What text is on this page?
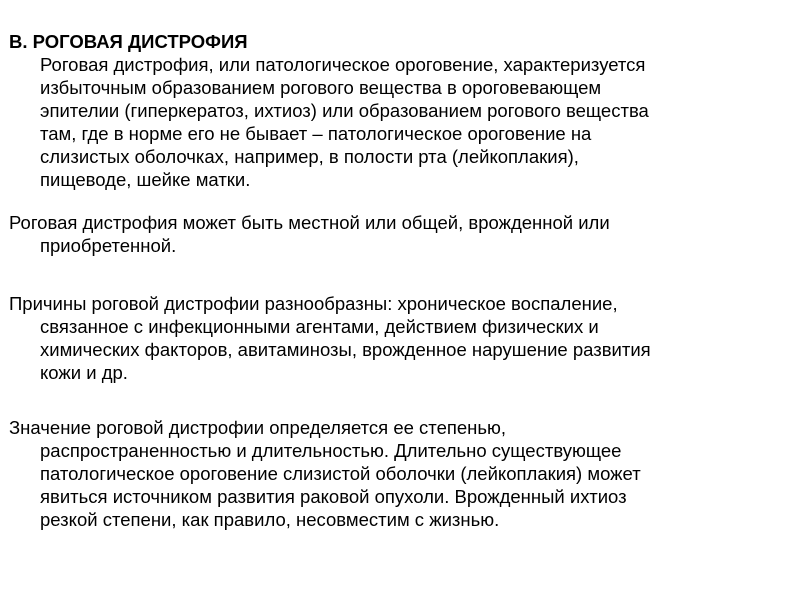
В. РОГОВАЯ ДИСТРОФИЯ
Роговая дистрофия, или патологическое ороговение, характеризуется
избыточным образованием рогового вещества в ороговевающем
эпителии (гиперкератоз, ихтиоз) или образованием рогового вещества
там, где в норме его не бывает – патологическое ороговение на
слизистых оболочках, например, в полости рта (лейкоплакия),
пищеводе, шейке матки.
Роговая дистрофия может быть местной или общей, врожденной или
приобретенной.
Причины роговой дистрофии разнообразны: хроническое воспаление,
связанное с инфекционными агентами, действием физических и
химических факторов, авитаминозы, врожденное нарушение развития
кожи и др.
Значение роговой дистрофии определяется ее степенью,
распространенностью и длительностью. Длительно существующее
патологическое ороговение слизистой оболочки (лейкоплакия) может
явиться источником развития раковой опухоли. Врожденный ихтиоз
резкой степени, как правило, несовместим с жизнью.
